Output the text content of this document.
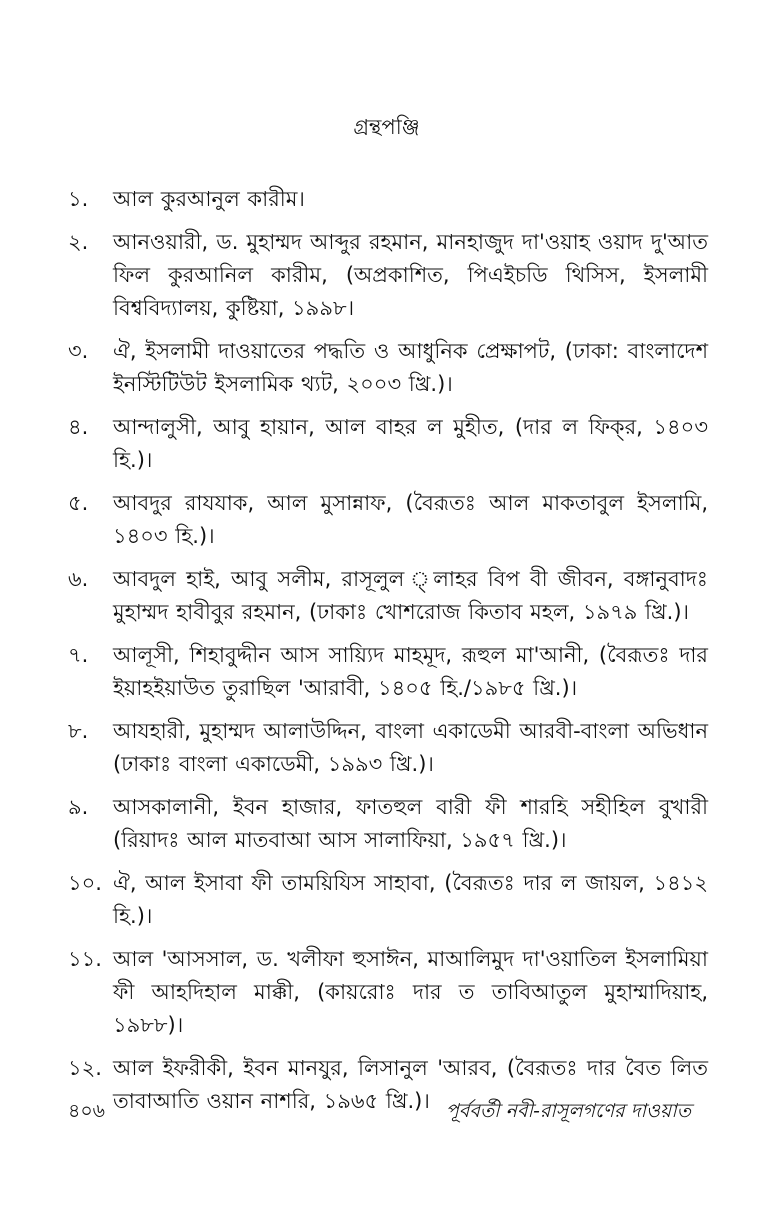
গ্রন্থপঞ্জি
১.	আল কুরআনুল কারীম।
২.	আনওয়ারী, ড. মুহাম্মদ আব্দুর রহমান, মানহাজুদ দা'ওয়াহ ওয়াদ দু'আত ফিল কুরআনিল কারীম, (অপ্রকাশিত, পিএইচডি থিসিস, ইসলামী বিশ্ববিদ্যালয়, কুষ্টিয়া, ১৯৯৮।
৩.	ঐ, ইসলামী দাওয়াতের পদ্ধতি ও আধুনিক প্রেক্ষাপট, (ঢাকা: বাংলাদেশ ইনস্টিটিউট ইসলামিক থ্যট, ২০০৩ খ্রি.)।
৪.	আন্দালুসী, আবু হায়ান, আল বাহর ল মুহীত, (দার ল ফিক্‌র, ১৪০৩ হি.)।
৫.	আবদুর রাযযাক, আল মুসান্নাফ, (বৈরূতঃ আল মাকতাবুল ইসলামি, ১৪০৩ হি.)।
৬.	আবদুল হাই, আবু সলীম, রাসূলুল ্লাহর বিপ বী জীবন, বঙ্গানুবাদঃ মুহাম্মদ হাবীবুর রহমান, (ঢাকাঃ খোশরোজ কিতাব মহল, ১৯৭৯ খ্রি.)।
৭.	আলূসী, শিহাবুদ্দীন আস সায়্যিদ মাহমূদ, রূহুল মা'আনী, (বৈরূতঃ দার ইয়াহইয়াউত তুরাছিল 'আরাবী, ১৪০৫ হি./১৯৮৫ খ্রি.)।
৮.	আযহারী, মুহাম্মদ আলাউদ্দিন, বাংলা একাডেমী আরবী-বাংলা অভিধান (ঢাকাঃ বাংলা একাডেমী, ১৯৯৩ খ্রি.)।
৯.	আসকালানী, ইবন হাজার, ফাতহুল বারী ফী শারহি সহীহিল বুখারী (রিয়াদঃ আল মাতবাআ আস সালাফিয়া, ১৯৫৭ খ্রি.)।
১০. ঐ, আল ইসাবা ফী তাময়িযিস সাহাবা, (বৈরূতঃ দার ল জায়ল, ১৪১২ হি.)।
১১. আল 'আসসাল, ড. খলীফা হুসাঈন, মাআলিমুদ দা'ওয়াতিল ইসলামিয়া ফী আহদিহাল মাক্কী, (কায়রোঃ দার ত তাবিআতুল মুহাম্মাদিয়াহ, ১৯৮৮)।
১২. আল ইফরীকী, ইবন মানযুর, লিসানুল 'আরব, (বৈরূতঃ দার বৈত লিত তাবাআতি ওয়ান নাশরি, ১৯৬৫ খ্রি.)।
৪০৬	পূর্ববর্তী নবী-রাসূলগণের দাওয়াত
